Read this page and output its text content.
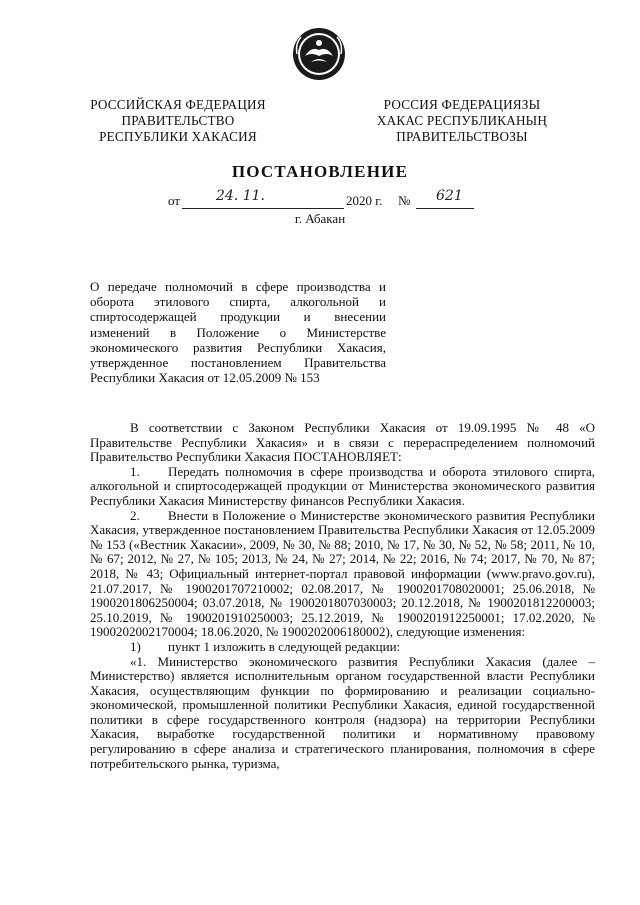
РОССИЙСКАЯ ФЕДЕРАЦИЯ
ПРАВИТЕЛЬСТВО
РЕСПУБЛИКИ ХАКАСИЯ
РОССИЯ ФЕДЕРАЦИЯЗЫ
ХАКАС РЕСПУБЛИКАНЫҢ
ПРАВИТЕЛЬСТВОЗЫ
ПОСТАНОВЛЕНИЕ
от	24. 11.	2020 г. № 621
г. Абакан
О передаче полномочий в сфере производства и
оборота этилового спирта, алкогольной и
спиртосодержащей продукции и внесении
изменений в Положение о Министерстве
экономического развития Республики Хакасия,
утвержденное постановлением Правительства
Республики Хакасия от 12.05.2009 № 153

В соответствии с Законом Республики Хакасия от 19.09.1995 № 48 «О Правительстве Республики Хакасия» и в связи с перераспределением полномочий Правительство Республики Хакасия ПОСТАНОВЛЯЕТ:

1. Передать полномочия в сфере производства и оборота этилового спирта, алкогольной и спиртосодержащей продукции от Министерства экономического развития Республики Хакасия Министерству финансов Республики Хакасия.

2. Внести в Положение о Министерстве экономического развития Республики Хакасия, утвержденное постановлением Правительства Республики Хакасия от 12.05.2009 № 153 («Вестник Хакасии», 2009, № 30, № 88; 2010, № 17, № 30, № 52, № 58; 2011, № 10, № 67; 2012, № 27, № 105; 2013, № 24, № 27; 2014, № 22; 2016, № 74; 2017, № 70, № 87; 2018, № 43; Официальный интернет-портал правовой информации (www.pravo.gov.ru), 21.07.2017, № 1900201707210002; 02.08.2017, № 1900201708020001; 25.06.2018, № 1900201806250004; 03.07.2018, № 1900201807030003; 20.12.2018, № 1900201812200003; 25.10.2019, № 1900201910250003; 25.12.2019, № 1900201912250001; 17.02.2020, № 1900202002170004; 18.06.2020, № 1900202006180002), следующие изменения:

1) пункт 1 изложить в следующей редакции:

«1. Министерство экономического развития Республики Хакасия (далее – Министерство) является исполнительным органом государственной власти Республики Хакасия, осуществляющим функции по формированию и реализации социально-экономической, промышленной политики Республики Хакасия, единой государственной политики в сфере государственного контроля (надзора) на территории Республики Хакасия, выработке государственной политики и нормативному правовому регулированию в сфере анализа и стратегического планирования, полномочия в сфере потребительского рынка, туризма,
